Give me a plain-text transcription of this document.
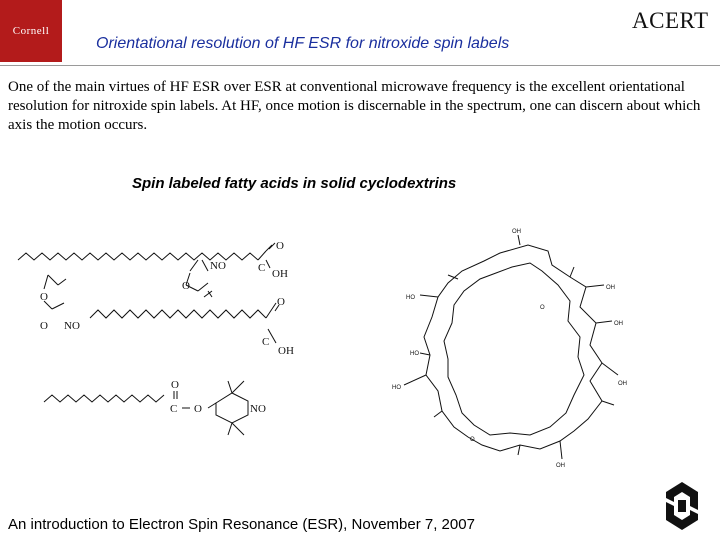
Cornell
Orientational resolution of HF ESR for nitroxide spin labels
ACERT
One of the main virtues of HF ESR over ESR at conventional microwave frequency is the excellent orientational resolution for nitroxide spin labels. At HF, once motion is discernable in the spectrum, one can discern about which axis the motion occurs.
Spin labeled fatty acids in solid cyclodextrins
NO	C
O
OH
O
O
NO
O
C
O
OH
O
C O	NO
OH
HO
OH
OH
OH
OH
HO
HO
O
O
An introduction to Electron Spin Resonance (ESR), November 7, 2007
